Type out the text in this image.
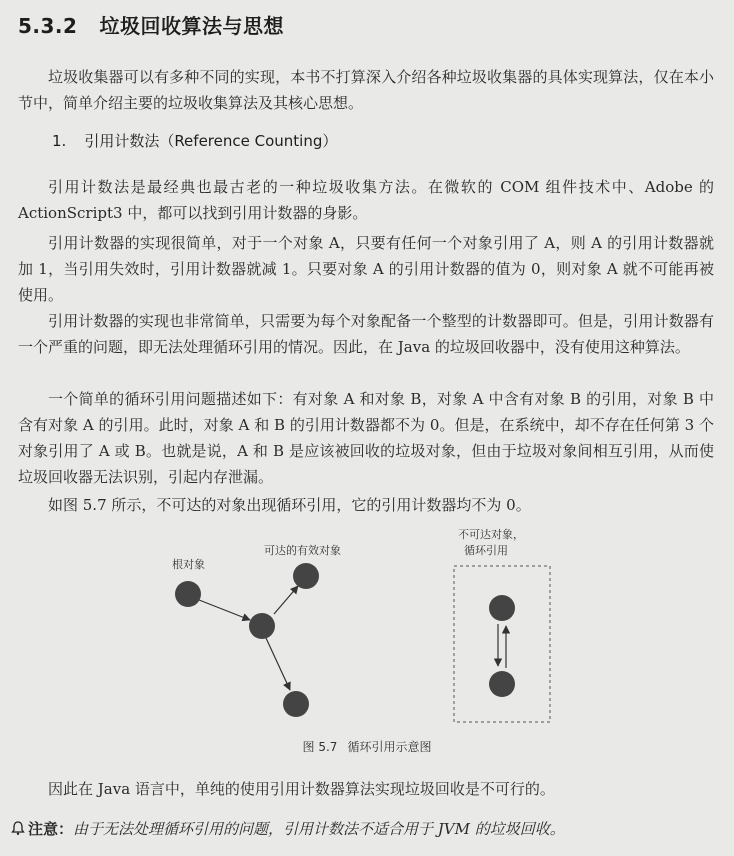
5.3.2 垃圾回收算法与思想

垃圾收集器可以有多种不同的实现，本书不打算深入介绍各种垃圾收集器的具体实现算法，仅在本小节中，简单介绍主要的垃圾收集算法及其核心思想。

1. 引用计数法（Reference Counting）

引用计数法是最经典也最古老的一种垃圾收集方法。在微软的 COM 组件技术中、Adobe 的 ActionScript3 中，都可以找到引用计数器的身影。

引用计数器的实现很简单，对于一个对象 A，只要有任何一个对象引用了 A，则 A 的引用计数器就加 1，当引用失效时，引用计数器就减 1。只要对象 A 的引用计数器的值为 0，则对象 A 就不可能再被使用。

引用计数器的实现也非常简单，只需要为每个对象配备一个整型的计数器即可。但是，引用计数器有一个严重的问题，即无法处理循环引用的情况。因此，在 Java 的垃圾回收器中，没有使用这种算法。

一个简单的循环引用问题描述如下：有对象 A 和对象 B，对象 A 中含有对象 B 的引用，对象 B 中含有对象 A 的引用。此时，对象 A 和 B 的引用计数器都不为 0。但是，在系统中，却不存在任何第 3 个对象引用了 A 或 B。也就是说，A 和 B 是应该被回收的垃圾对象，但由于垃圾对象间相互引用，从而使垃圾回收器无法识别，引起内存泄漏。

如图 5.7 所示，不可达的对象出现循环引用，它的引用计数器均不为 0。

根对象
可达的有效对象
不可达对象，
循环引用
图 5.7 循环引用示意图

因此在 Java 语言中，单纯的使用引用计数器算法实现垃圾回收是不可行的。

注意：由于无法处理循环引用的问题，引用计数法不适合用于 JVM 的垃圾回收。
